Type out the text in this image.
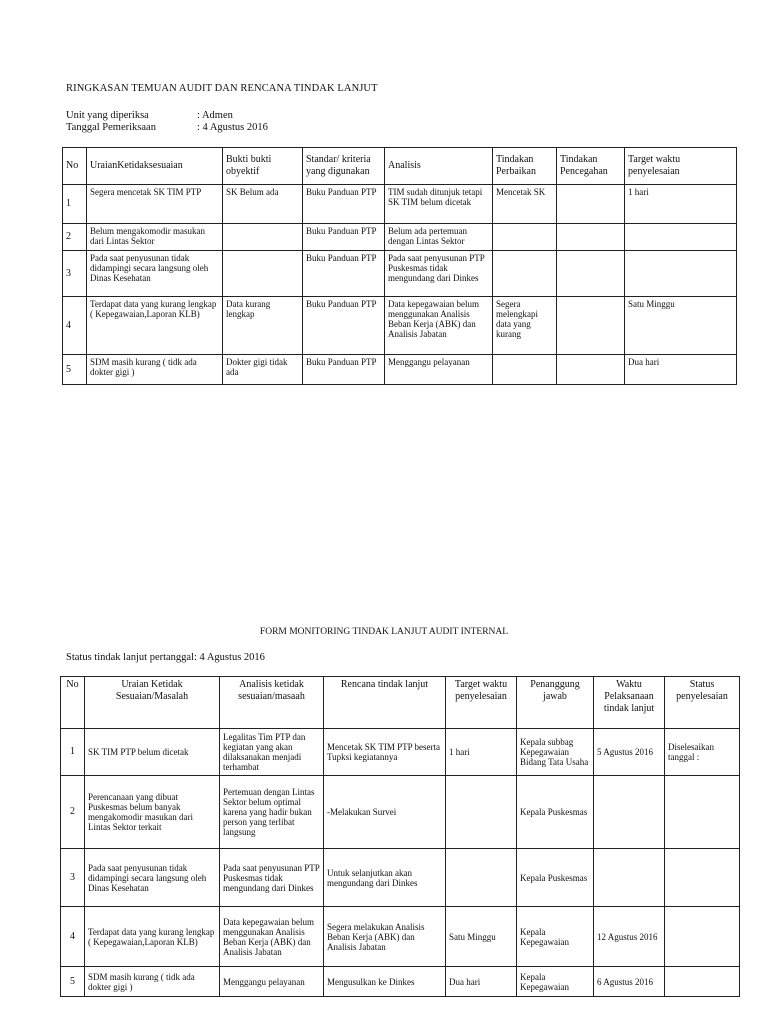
RINGKASAN TEMUAN AUDIT DAN RENCANA TINDAK LANJUT
Unit yang diperiksa	: Admen
Tanggal Pemeriksaan	: 4 Agustus 2016
No	UraianKetidaksesuaian	Bukti bukti obyektif	Standar/ kriteria yang digunakan	Analisis	Tindakan Perbaikan	Tindakan Pencegahan	Target waktu penyelesaian
1	Segera mencetak SK TIM PTP	SK Belum ada	Buku Panduan PTP	TIM sudah ditunjuk tetapi SK TIM belum dicetak	Mencetak SK		1 hari
2	Belum mengakomodir masukan dari Lintas Sektor		Buku Panduan PTP	Belum ada pertemuan dengan Lintas Sektor			
3	Pada saat penyusunan tidak didampingi secara langsung oleh Dinas Kesehatan		Buku Panduan PTP	Pada saat penyusunan PTP Puskesmas tidak mengundang dari Dinkes			
4	Terdapat data yang kurang lengkap ( Kepegawaian,Laporan KLB)	Data kurang lengkap	Buku Panduan PTP	Data kepegawaian belum menggunakan Analisis Beban Kerja (ABK) dan Analisis Jabatan	Segera melengkapi data yang kurang		Satu Minggu
5	SDM masih kurang ( tidk ada dokter gigi )	Dokter gigi tidak ada	Buku Panduan PTP	Menggangu pelayanan			Dua hari
FORM MONITORING TINDAK LANJUT AUDIT INTERNAL
Status tindak lanjut pertanggal: 4 Agustus 2016
No	Uraian Ketidak Sesuaian/Masalah	Analisis ketidak sesuaian/masaah	Rencana tindak lanjut	Target waktu penyelesaian	Penanggung jawab	Waktu Pelaksanaan tindak lanjut	Status penyelesaian
1	SK TIM PTP belum dicetak	Legalitas Tim PTP dan kegiatan yang akan dilaksanakan menjadi terhambat	Mencetak SK TIM PTP beserta Tupksi kegiatannya	1 hari	Kepala subbag Kepegawaian Bidang Tata Usaha	5 Agustus 2016	Diselesaikan tanggal :
2	Perencanaan yang dibuat Puskesmas belum banyak mengakomodir masukan dari Lintas Sektor terkait	Pertemuan dengan Lintas Sektor belum optimal karena yang hadir bukan person yang terlibat langsung	-Melakukan Survei		Kepala Puskesmas		
3	Pada saat penyusunan tidak didampingi secara langsung oleh Dinas Kesehatan	Pada saat penyusunan PTP Puskesmas tidak mengundang dari Dinkes	Untuk selanjutkan akan mengundang dari Dinkes		Kepala Puskesmas		
4	Terdapat data yang kurang lengkap ( Kepegawaian,Laporan KLB)	Data kepegawaian belum menggunakan Analisis Beban Kerja (ABK) dan Analisis Jabatan	Segera melakukan Analisis Beban Kerja (ABK) dan Analisis Jabatan	Satu Minggu	Kepala Kepegawaian	12 Agustus 2016	
5	SDM masih kurang ( tidk ada dokter gigi )	Menggangu pelayanan	Mengusulkan ke Dinkes	Dua hari	Kepala Kepegawaian	6 Agustus 2016	
